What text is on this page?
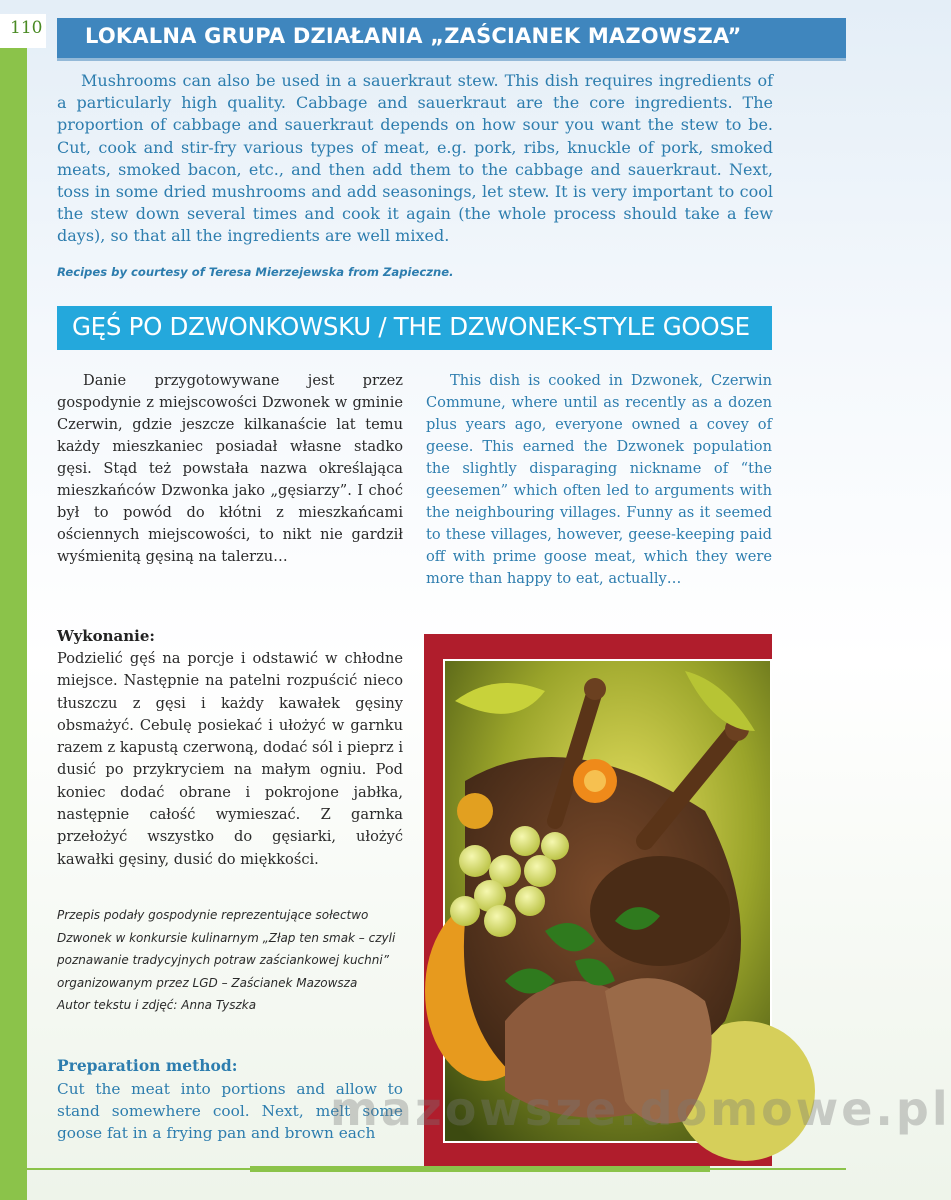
110 LOKALNA GRUPA DZIAŁANIA „ZAŚCIANEK MAZOWSZA”

Mushrooms can also be used in a sauerkraut stew. This dish requires ingredients of a particularly high quality. Cabbage and sauerkraut are the core ingredients. The proportion of cabbage and sauerkraut depends on how sour you want the stew to be. Cut, cook and stir-fry various types of meat, e.g. pork, ribs, knuckle of pork, smoked meats, smoked bacon, etc., and then add them to the cabbage and sauerkraut. Next, toss in some dried mushrooms and add seasonings, let stew. It is very important to cool the stew down several times and cook it again (the whole process should take a few days), so that all the ingredients are well mixed.

Recipes by courtesy of Teresa Mierzejewska from Zapieczne.
GĘŚ PO DZWONKOWSKU / THE DZWONEK-STYLE GOOSE

Danie przygotowywane jest przez gospodynie z miejscowości Dzwonek w gminie Czerwin, gdzie jeszcze kilkanaście lat temu każdy mieszkaniec posiadał własne stadko gęsi. Stąd też powstała nazwa określająca mieszkańców Dzwonka jako „gęsiarzy”. I choć był to powód do kłótni z mieszkańcami ościennych miejscowości, to nikt nie gardził wyśmienitą gęsiną na talerzu…

This dish is cooked in Dzwonek, Czerwin Commune, where until as recently as a dozen plus years ago, everyone owned a covey of geese. This earned the Dzwonek population the slightly disparaging nickname of “the geesemen” which often led to arguments with the neighbouring villages. Funny as it seemed to these villages, however, geese-keeping paid off with prime goose meat, which they were more than happy to eat, actually…

Wykonanie:

Podzielić gęś na porcje i odstawić w chłodne miejsce. Następnie na patelni rozpuścić nieco tłuszczu z gęsi i każdy kawałek gęsiny obsmażyć. Cebulę posiekać i ułożyć w garnku razem z kapustą czerwoną, dodać sól i pieprz i dusić po przykryciem na małym ogniu. Pod koniec dodać obrane i pokrojone jabłka, następnie całość wymieszać. Z garnka przełożyć wszystko do gęsiarki, ułożyć kawałki gęsiny, dusić do miękkości.

Przepis podały gospodynie reprezentujące sołectwo Dzwonek w konkursie kulinarnym „Złap ten smak – czyli poznawanie tradycyjnych potraw zaściankowej kuchni” organizowanym przez LGD – Zaścianek Mazowsza
Autor tekstu i zdjęć: Anna Tyszka

Preparation method:

Cut the meat into portions and allow to stand somewhere cool. Next, melt some goose fat in a frying pan and brown each

mazowsze.domowe.pl
